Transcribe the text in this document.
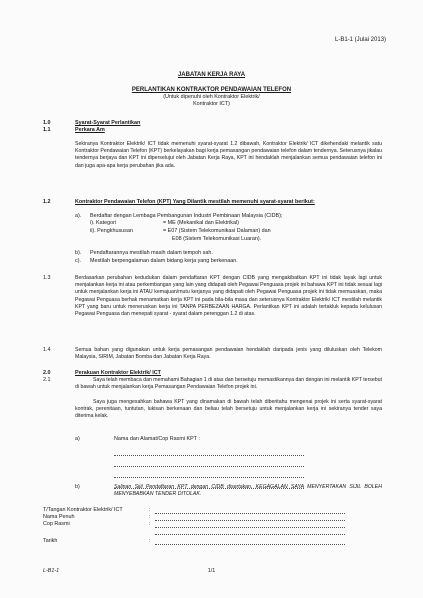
L-B1-1 (Julai 2013)
JABATAN KERJA RAYA
PERLANTIKAN KONTRAKTOR PENDAWAIAN TELEFON
(Untuk dipenuhi oleh Kontraktor Elektrik/
Kontraktor ICT)
1.0	Syarat-Syarat Perlantikan
1.1	Perkara Am
Sekiranya Kontraktor Elektrik/ ICT tidak memenuhi syarat-syarat 1.2 dibawah, Kontraktor Elektrik/ ICT dikehendaki melantik satu Kontraktor Pendawaian Telefon (KPT) berkelayakan bagi kerja pemasangan pendawaian telefon dalam tendernya. Seterusnya jikalau tendernya berjaya dan KPT ini diperselujui oleh Jabatan Kerja Raya, KPT ini hendaklah menjalankan semua pendawaian telefon ini dan juga apa-apa kerja perubahan jika ada.
1.2	Kontraktor Pendawaian Telefon (KPT) Yang Dilantik mestilah memenuhi syarat-syarat berikut:
a). Berdaftar dengan Lembaga Pembangunan Industri Pembinaan Malaysia (CIDB);
i). Kategori	= ME (Mekanikal dan Elektrikal)
ii). Pengkhususan	= E07 (Sistem Telekomunikasi Dalaman) dan
E08 (Sistem Telekomunikasi Luaran).
b). Pendaftarannya mestilah masih dalam tempoh sah.
c). Mestilah berpengalaman dalam bidang kerja yang berkenaan.
1.3	Berdasarkan perubahan kedudukan dalam pendaftaran KPT dengan CIDB yang mengakibatkan KPT ini tidak layak lagi untuk menjalankan kerja ini atau perkembangan yang lain yang didapati oleh Pegawai Penguasa projek ini bahawa KPT ini tidak sesuai lagi untuk menjalankan kerja ini ATAU kemajuan/mutu kerjanya yang didapati oleh Pegawai Penguasa projek ini tidak memuaskan, maka Pegawai Penguasa berhak menamatkan kerja KPT ini pada bila-bila masa dan seterusnya Kontraktor Elektrik/ ICT mestilah melantik KPT yang baru untuk meneruskan kerja ini TANPA PERBEZAAN HARGA. Perlantikan KPT ini adalah tertakluk kepada kelulusan Pegawai Penguasa dan menepati syarat - syarat dalam perenggan 1.2 di atas.
1.4	Semua bahan yang digunakan untuk kerja pemasangan pendawaian hendaklah daripada jenis yang diluluskan oleh Telekom Malaysia, SIRIM, Jabatan Bomba dan Jabatan Kerja Raya.
2.0	Perakuan Kontraktor Elektrik/ ICT
2.1	Saya telah membaca dan memahami Bahagian 1 di atas dan bersetuju memastikannya dan dengan ini melantik KPT tersebut di bawah untuk menjalankan kerja Pemasangan Pendawaian Telefon projek ini.
Saya juga mengesahkan bahawa KPT yang dinamakan di bawah telah diberitahu mengenai projek ini serta syarat-syarat kontrak, perenitaan, tuntutan, lukisan berkenaan dan beliau telah bersetuju untuk menjalankan kerja ini sekiranya tender saya diterima kelak.
a)	Nama dan Alamat/Cop Rasmi KPT :
b)	Salinan Sijil Pendaftaran KPT dengan CIDB disertakan. KEGAGALAN SAYA MENYERTAKAN SIJIL BOLEH MENYEBABKAN TENDER DITOLAK.
T/Tangan Kontraktor Elektrik/ ICT	:
Nama Penuh	:
Cop Rasmi	:
Tarikh	:
L-B1-1	1/1
